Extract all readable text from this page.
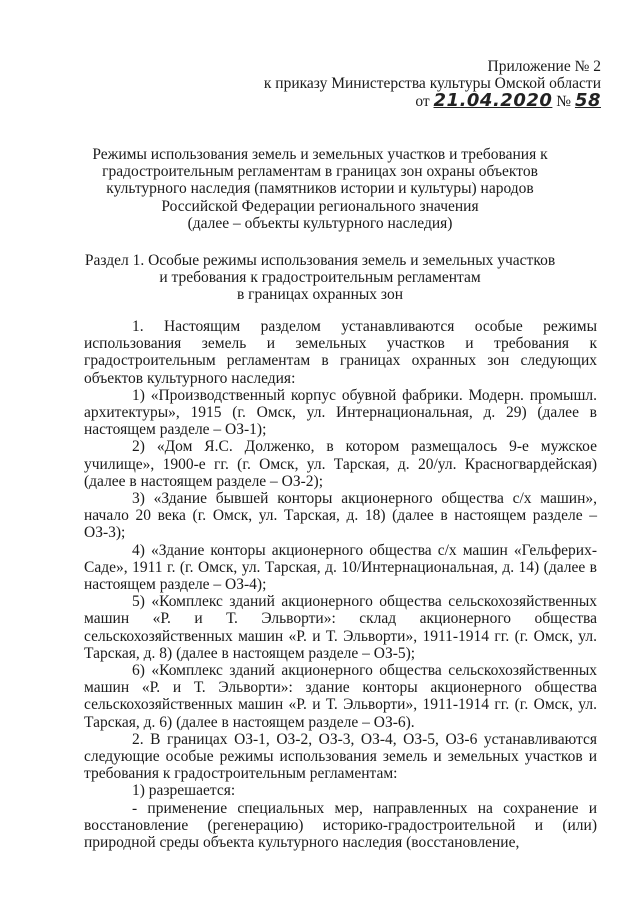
Приложение № 2
к приказу Министерства культуры Омской области
от 21.04.2020 № 58
Режимы использования земель и земельных участков и требования к
градостроительным регламентам в границах зон охраны объектов
культурного наследия (памятников истории и культуры) народов
Российской Федерации регионального значения
(далее – объекты культурного наследия)
Раздел 1. Особые режимы использования земель и земельных участков
и требования к градостроительным регламентам
в границах охранных зон

1. Настоящим разделом устанавливаются особые режимы использования земель и земельных участков и требования к градостроительным регламентам в границах охранных зон следующих объектов культурного наследия:

1) «Производственный корпус обувной фабрики. Модерн. промышл. архитектуры», 1915 (г. Омск, ул. Интернациональная, д. 29) (далее в настоящем разделе – ОЗ-1);

2) «Дом Я.С. Долженко, в котором размещалось 9-е мужское училище», 1900-е гг. (г. Омск, ул. Тарская, д. 20/ул. Красногвардейская) (далее в настоящем разделе – ОЗ-2);

3) «Здание бывшей конторы акционерного общества с/х машин», начало 20 века (г. Омск, ул. Тарская, д. 18) (далее в настоящем разделе – ОЗ-3);

4) «Здание конторы акционерного общества с/х машин «Гельферих-Саде», 1911 г. (г. Омск, ул. Тарская, д. 10/Интернациональная, д. 14) (далее в настоящем разделе – ОЗ-4);

5) «Комплекс зданий акционерного общества сельскохозяйственных машин «Р. и Т. Эльворти»: склад акционерного общества сельскохозяйственных машин «Р. и Т. Эльворти», 1911-1914 гг. (г. Омск, ул. Тарская, д. 8) (далее в настоящем разделе – ОЗ-5);

6) «Комплекс зданий акционерного общества сельскохозяйственных машин «Р. и Т. Эльворти»: здание конторы акционерного общества сельскохозяйственных машин «Р. и Т. Эльворти», 1911-1914 гг. (г. Омск, ул. Тарская, д. 6) (далее в настоящем разделе – ОЗ-6).

2. В границах ОЗ-1, ОЗ-2, ОЗ-3, ОЗ-4, ОЗ-5, ОЗ-6 устанавливаются следующие особые режимы использования земель и земельных участков и требования к градостроительным регламентам:

1) разрешается:

- применение специальных мер, направленных на сохранение и восстановление (регенерацию) историко-градостроительной и (или) природной среды объекта культурного наследия (восстановление,
